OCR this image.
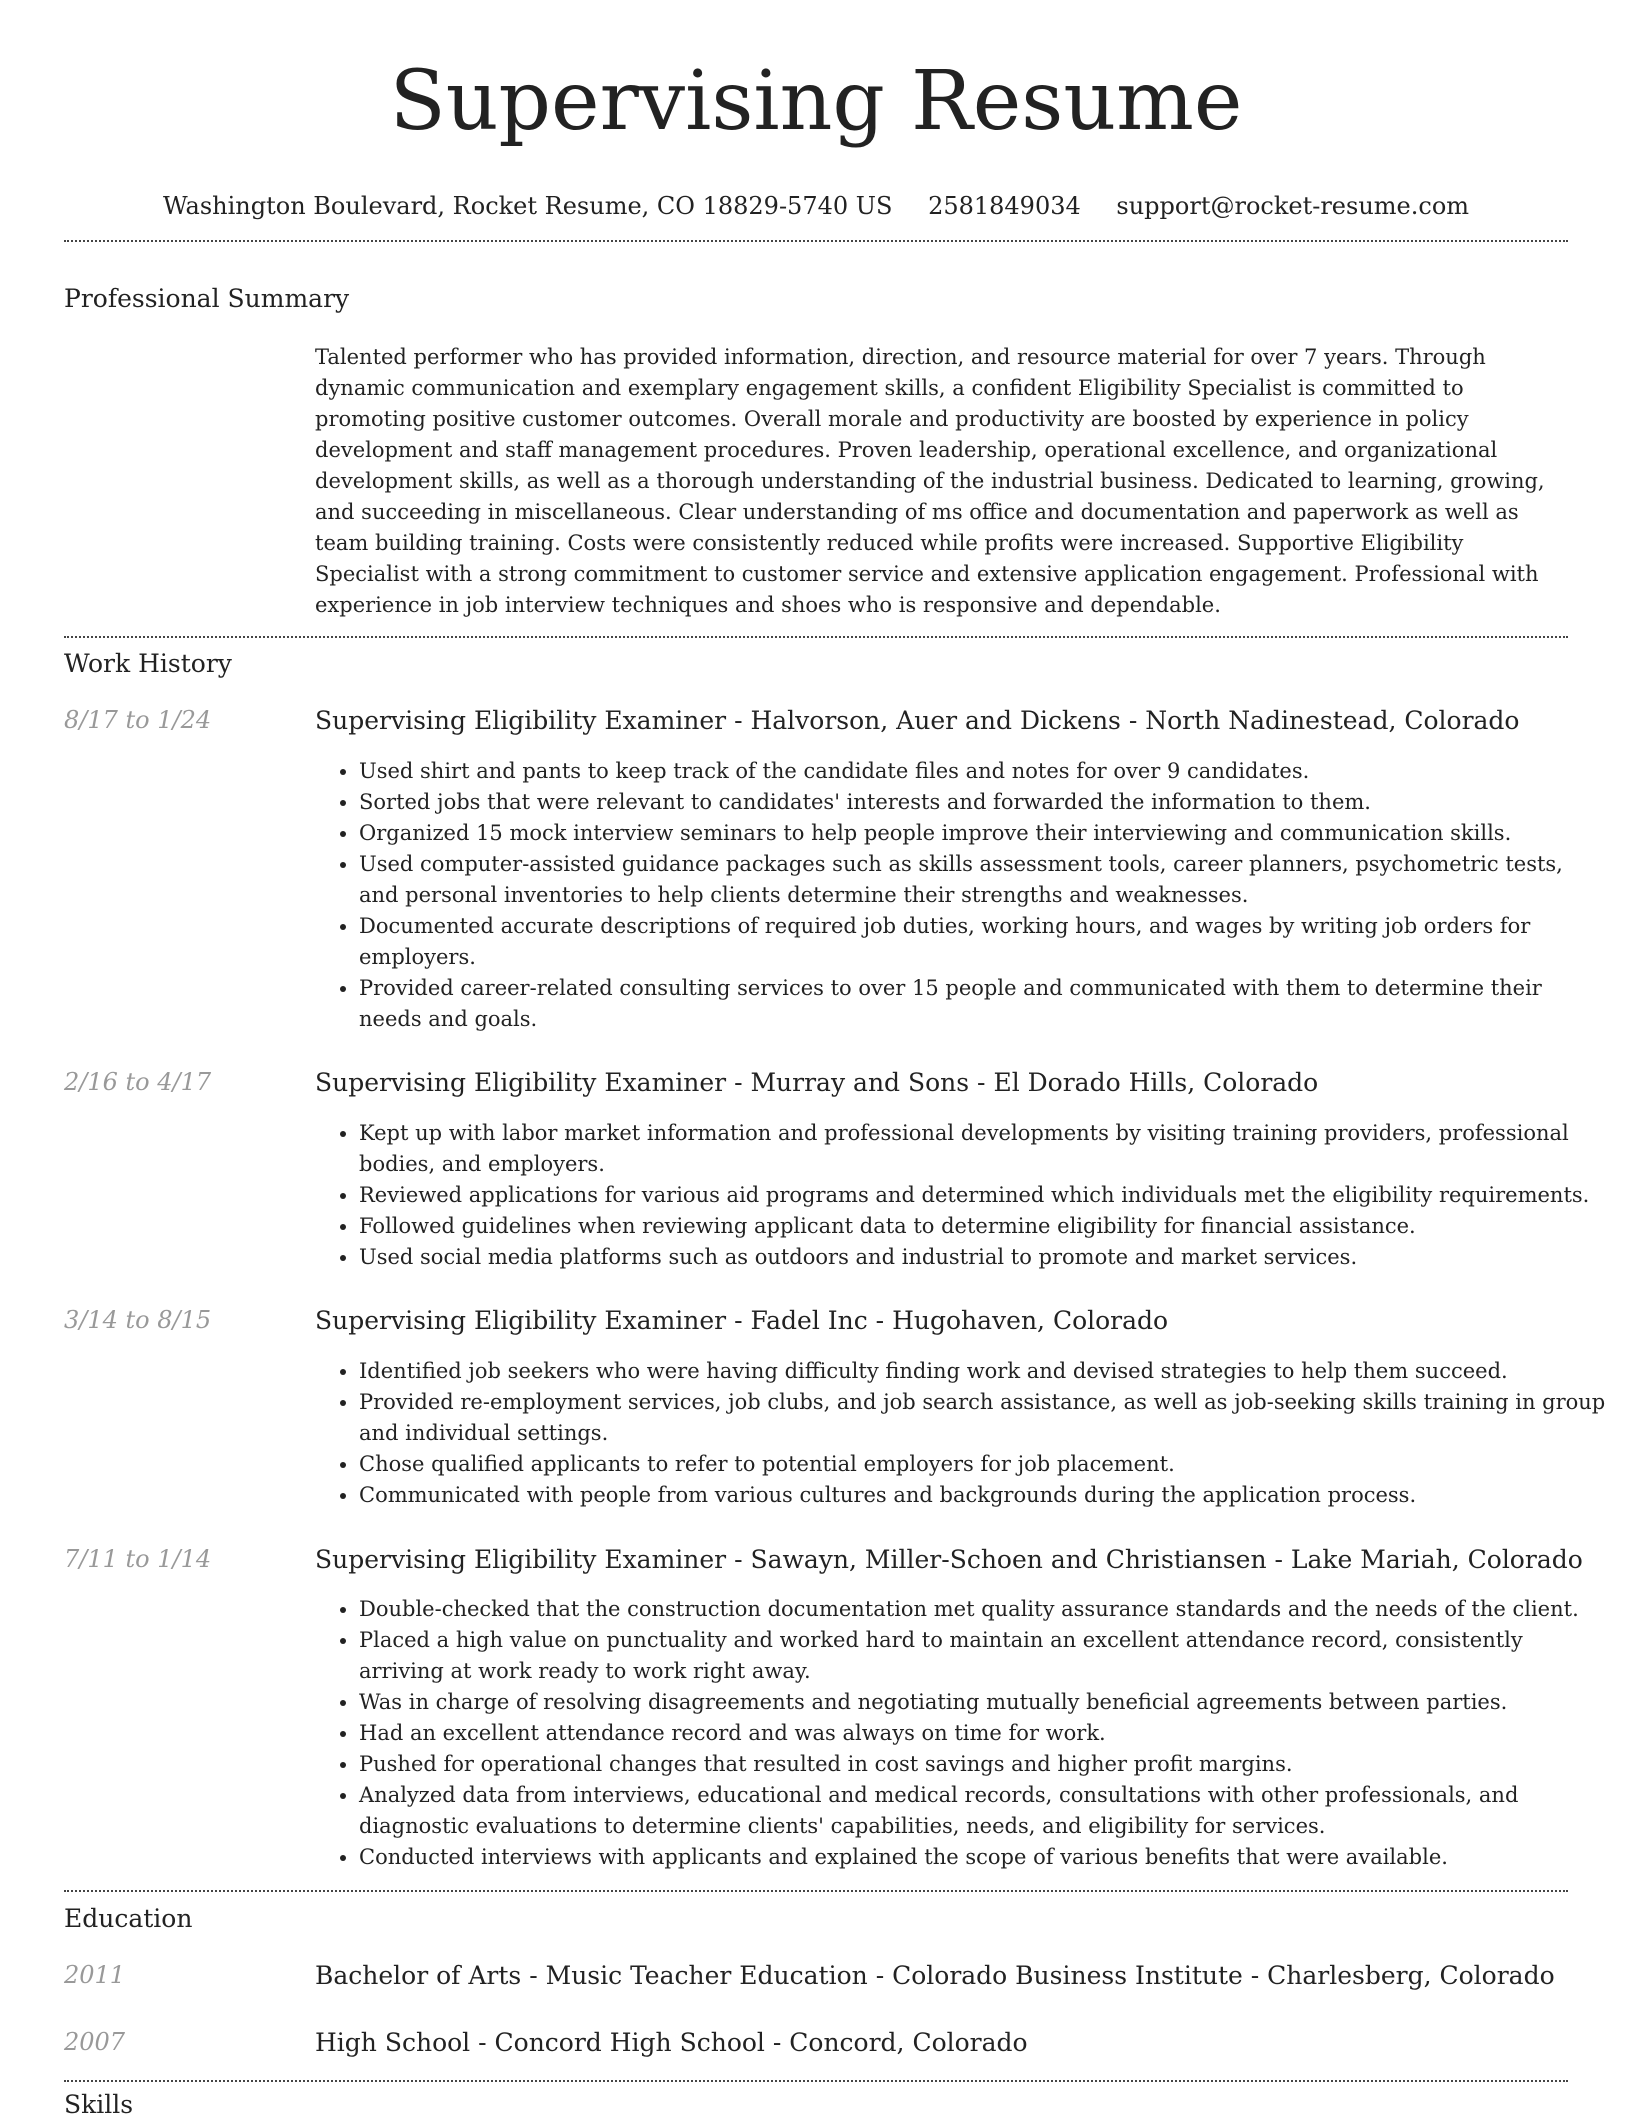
Supervising Resume
Washington Boulevard, Rocket Resume, CO 18829-5740 US 2581849034 support@rocket-resume.com
Professional Summary
Talented performer who has provided information, direction, and resource material for over 7 years. Through dynamic communication and exemplary engagement skills, a confident Eligibility Specialist is committed to promoting positive customer outcomes. Overall morale and productivity are boosted by experience in policy development and staff management procedures. Proven leadership, operational excellence, and organizational development skills, as well as a thorough understanding of the industrial business. Dedicated to learning, growing, and succeeding in miscellaneous. Clear understanding of ms office and documentation and paperwork as well as team building training. Costs were consistently reduced while profits were increased. Supportive Eligibility Specialist with a strong commitment to customer service and extensive application engagement. Professional with experience in job interview techniques and shoes who is responsive and dependable.
Work History
8/17 to 1/24	Supervising Eligibility Examiner - Halvorson, Auer and Dickens - North Nadinestead, Colorado
• Used shirt and pants to keep track of the candidate files and notes for over 9 candidates.
• Sorted jobs that were relevant to candidates' interests and forwarded the information to them.
• Organized 15 mock interview seminars to help people improve their interviewing and communication skills.
• Used computer-assisted guidance packages such as skills assessment tools, career planners, psychometric tests, and personal inventories to help clients determine their strengths and weaknesses.
• Documented accurate descriptions of required job duties, working hours, and wages by writing job orders for employers.
• Provided career-related consulting services to over 15 people and communicated with them to determine their needs and goals.
2/16 to 4/17	Supervising Eligibility Examiner - Murray and Sons - El Dorado Hills, Colorado
• Kept up with labor market information and professional developments by visiting training providers, professional bodies, and employers.
• Reviewed applications for various aid programs and determined which individuals met the eligibility requirements.
• Followed guidelines when reviewing applicant data to determine eligibility for financial assistance.
• Used social media platforms such as outdoors and industrial to promote and market services.
3/14 to 8/15	Supervising Eligibility Examiner - Fadel Inc - Hugohaven, Colorado
• Identified job seekers who were having difficulty finding work and devised strategies to help them succeed.
• Provided re-employment services, job clubs, and job search assistance, as well as job-seeking skills training in group and individual settings.
• Chose qualified applicants to refer to potential employers for job placement.
• Communicated with people from various cultures and backgrounds during the application process.
7/11 to 1/14	Supervising Eligibility Examiner - Sawayn, Miller-Schoen and Christiansen - Lake Mariah, Colorado
• Double-checked that the construction documentation met quality assurance standards and the needs of the client.
• Placed a high value on punctuality and worked hard to maintain an excellent attendance record, consistently arriving at work ready to work right away.
• Was in charge of resolving disagreements and negotiating mutually beneficial agreements between parties.
• Had an excellent attendance record and was always on time for work.
• Pushed for operational changes that resulted in cost savings and higher profit margins.
• Analyzed data from interviews, educational and medical records, consultations with other professionals, and diagnostic evaluations to determine clients' capabilities, needs, and eligibility for services.
• Conducted interviews with applicants and explained the scope of various benefits that were available.
Education
2011	Bachelor of Arts - Music Teacher Education - Colorado Business Institute - Charlesberg, Colorado
2007	High School - Concord High School - Concord, Colorado
Skills
